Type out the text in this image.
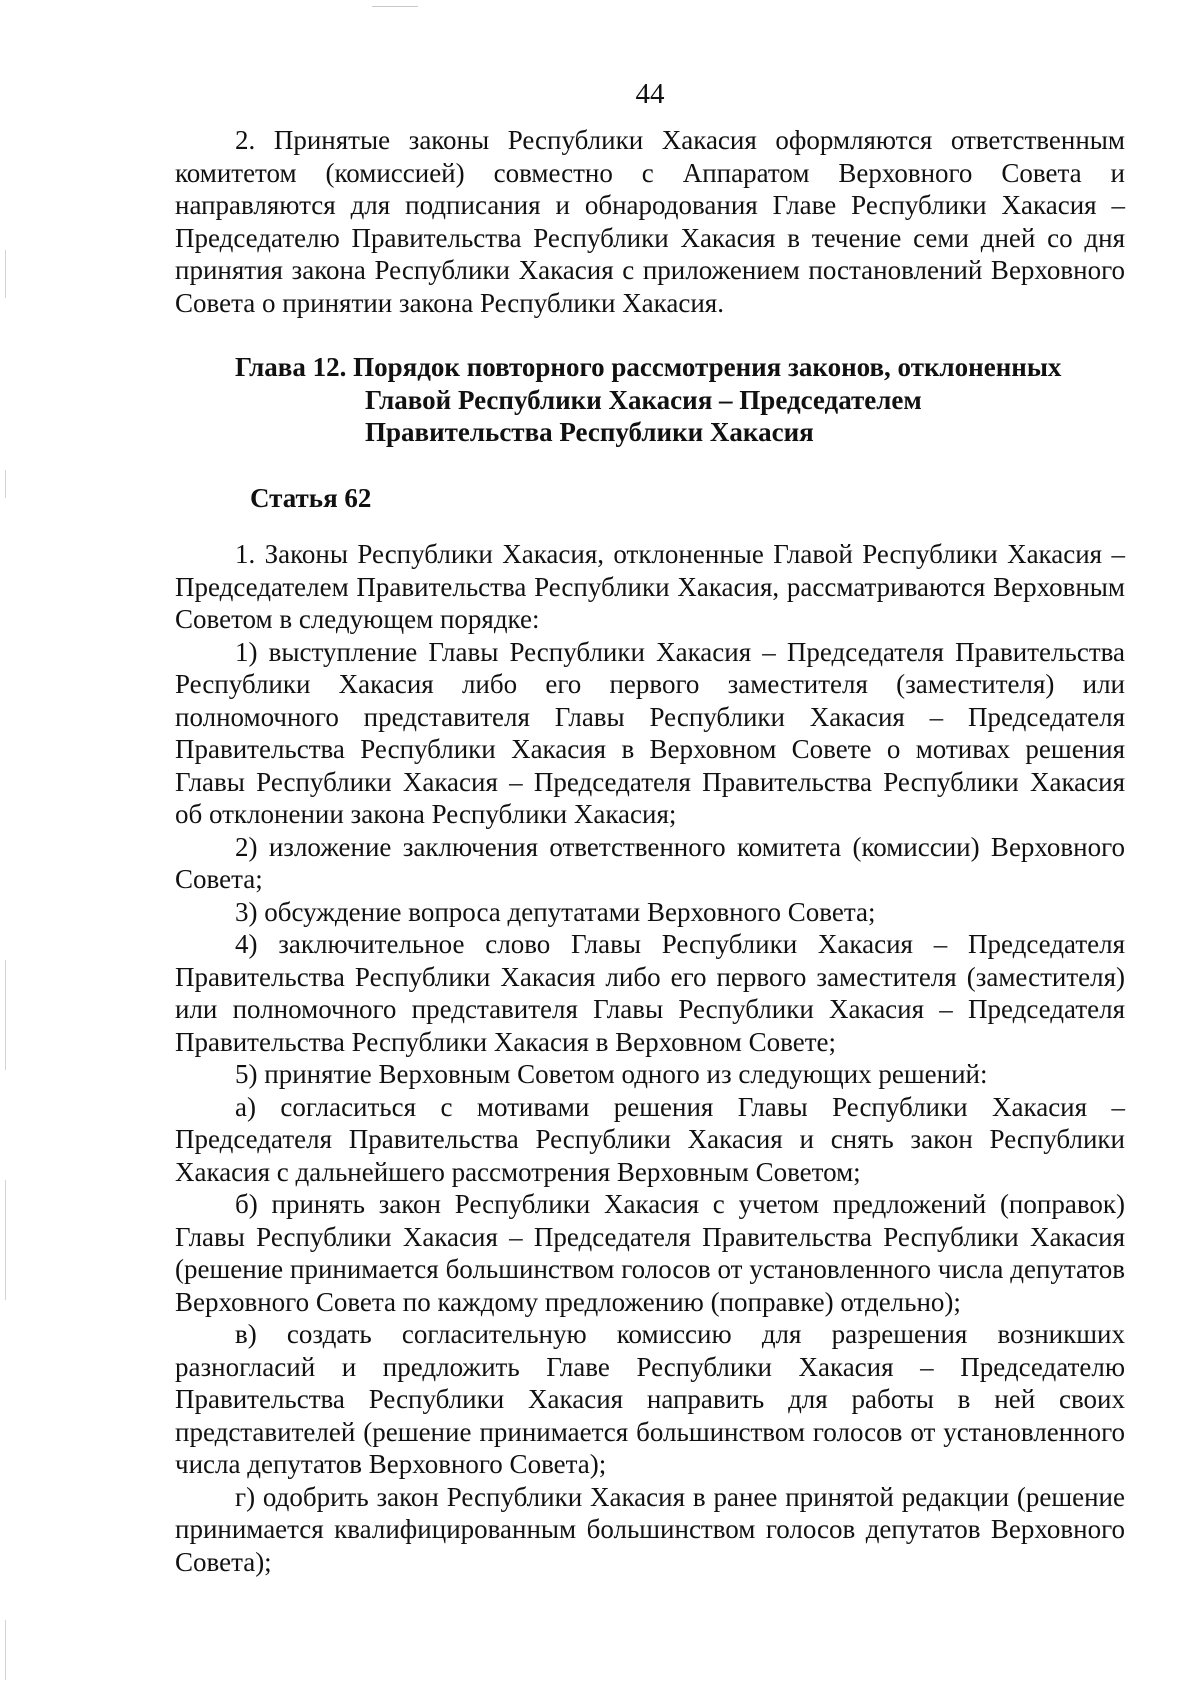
44

2. Принятые законы Республики Хакасия оформляются ответственным комитетом (комиссией) совместно с Аппаратом Верховного Совета и направляются для подписания и обнародования Главе Республики Хакасия – Председателю Правительства Республики Хакасия в течение семи дней со дня принятия закона Республики Хакасия с приложением постановлений Верховного Совета о принятии закона Республики Хакасия.

Глава 12. Порядок повторного рассмотрения законов, отклоненных
Главой Республики Хакасия – Председателем
Правительства Республики Хакасия
Статья 62

1. Законы Республики Хакасия, отклоненные Главой Республики Хакасия – Председателем Правительства Республики Хакасия, рассматриваются Верховным Советом в следующем порядке:

1) выступление Главы Республики Хакасия – Председателя Правительства Республики Хакасия либо его первого заместителя (заместителя) или полномочного представителя Главы Республики Хакасия – Председателя Правительства Республики Хакасия в Верховном Совете о мотивах решения Главы Республики Хакасия – Председателя Правительства Республики Хакасия об отклонении закона Республики Хакасия;

2) изложение заключения ответственного комитета (комиссии) Верховного Совета;

3) обсуждение вопроса депутатами Верховного Совета;

4) заключительное слово Главы Республики Хакасия – Председателя Правительства Республики Хакасия либо его первого заместителя (заместителя) или полномочного представителя Главы Республики Хакасия – Председателя Правительства Республики Хакасия в Верховном Совете;

5) принятие Верховным Советом одного из следующих решений:

а) согласиться с мотивами решения Главы Республики Хакасия – Председателя Правительства Республики Хакасия и снять закон Республики Хакасия с дальнейшего рассмотрения Верховным Советом;

б) принять закон Республики Хакасия с учетом предложений (поправок) Главы Республики Хакасия – Председателя Правительства Республики Хакасия (решение принимается большинством голосов от установленного числа депутатов Верховного Совета по каждому предложению (поправке) отдельно);

в) создать согласительную комиссию для разрешения возникших разногласий и предложить Главе Республики Хакасия – Председателю Правительства Республики Хакасия направить для работы в ней своих представителей (решение принимается большинством голосов от установленного числа депутатов Верховного Совета);

г) одобрить закон Республики Хакасия в ранее принятой редакции (решение принимается квалифицированным большинством голосов депутатов Верховного Совета);
